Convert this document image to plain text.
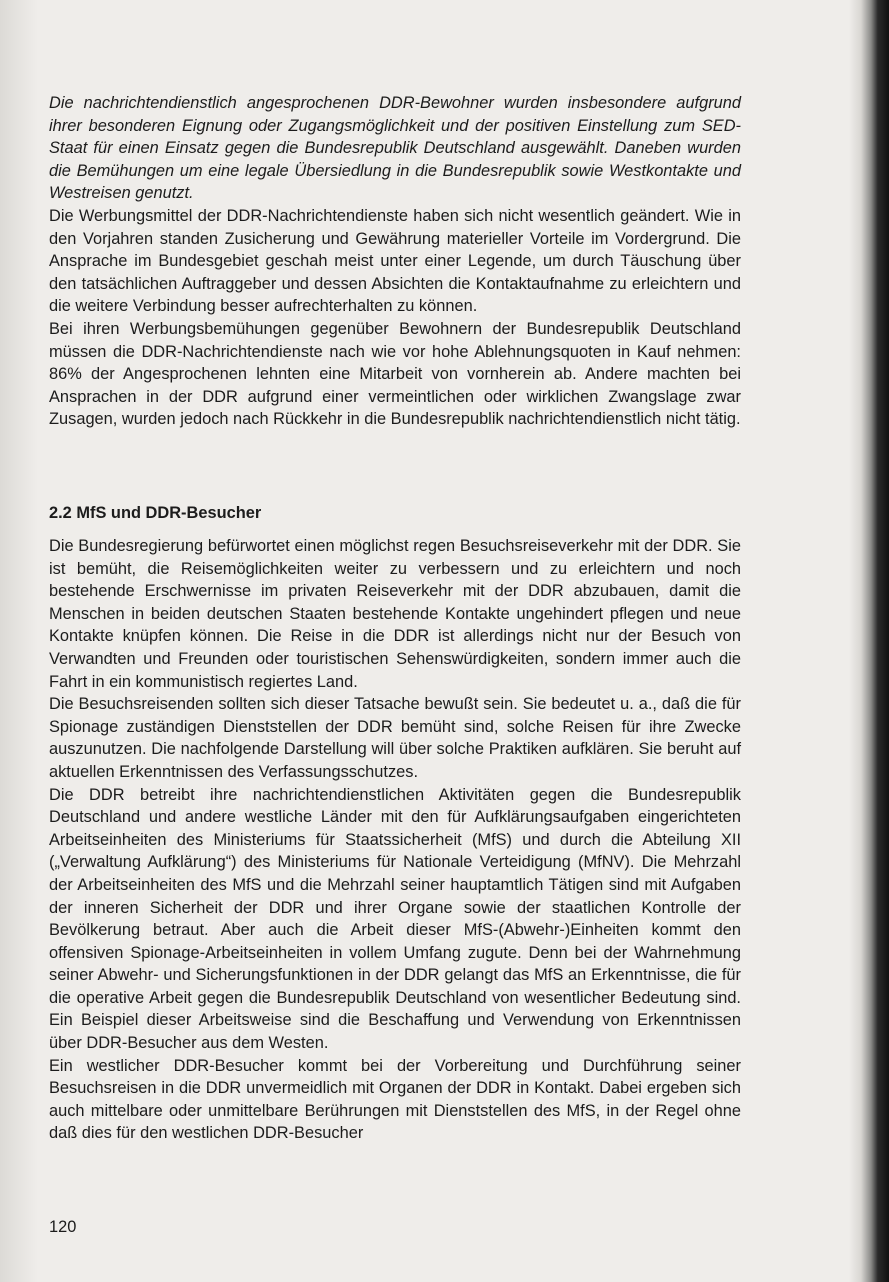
Die nachrichtendienstlich angesprochenen DDR-Bewohner wurden insbesondere aufgrund ihrer besonderen Eignung oder Zugangsmöglichkeit und der positiven Einstellung zum SED-Staat für einen Einsatz gegen die Bundesrepublik Deutschland ausgewählt. Daneben wurden die Bemühungen um eine legale Übersiedlung in die Bundesrepublik sowie Westkontakte und Westreisen genutzt.

Die Werbungsmittel der DDR-Nachrichtendienste haben sich nicht wesentlich geändert. Wie in den Vorjahren standen Zusicherung und Gewährung materieller Vorteile im Vordergrund. Die Ansprache im Bundesgebiet geschah meist unter einer Legende, um durch Täuschung über den tatsächlichen Auftraggeber und dessen Absichten die Kontaktaufnahme zu erleichtern und die weitere Verbindung besser aufrechterhalten zu können.

Bei ihren Werbungsbemühungen gegenüber Bewohnern der Bundesrepublik Deutschland müssen die DDR-Nachrichtendienste nach wie vor hohe Ablehnungsquoten in Kauf nehmen: 86% der Angesprochenen lehnten eine Mitarbeit von vornherein ab. Andere machten bei Ansprachen in der DDR aufgrund einer vermeintlichen oder wirklichen Zwangslage zwar Zusagen, wurden jedoch nach Rückkehr in die Bundesrepublik nachrichtendienstlich nicht tätig.

2.2 MfS und DDR-Besucher

Die Bundesregierung befürwortet einen möglichst regen Besuchsreiseverkehr mit der DDR. Sie ist bemüht, die Reisemöglichkeiten weiter zu verbessern und zu erleichtern und noch bestehende Erschwernisse im privaten Reiseverkehr mit der DDR abzubauen, damit die Menschen in beiden deutschen Staaten bestehende Kontakte ungehindert pflegen und neue Kontakte knüpfen können. Die Reise in die DDR ist allerdings nicht nur der Besuch von Verwandten und Freunden oder touristischen Sehenswürdigkeiten, sondern immer auch die Fahrt in ein kommunistisch regiertes Land.

Die Besuchsreisenden sollten sich dieser Tatsache bewußt sein. Sie bedeutet u. a., daß die für Spionage zuständigen Dienststellen der DDR bemüht sind, solche Reisen für ihre Zwecke auszunutzen. Die nachfolgende Darstellung will über solche Praktiken aufklären. Sie beruht auf aktuellen Erkenntnissen des Verfassungsschutzes.

Die DDR betreibt ihre nachrichtendienstlichen Aktivitäten gegen die Bundesrepublik Deutschland und andere westliche Länder mit den für Aufklärungsaufgaben eingerichteten Arbeitseinheiten des Ministeriums für Staatssicherheit (MfS) und durch die Abteilung XII („Verwaltung Aufklärung“) des Ministeriums für Nationale Verteidigung (MfNV). Die Mehrzahl der Arbeitseinheiten des MfS und die Mehrzahl seiner hauptamtlich Tätigen sind mit Aufgaben der inneren Sicherheit der DDR und ihrer Organe sowie der staatlichen Kontrolle der Bevölkerung betraut. Aber auch die Arbeit dieser MfS-(Abwehr-)Einheiten kommt den offensiven Spionage-Arbeitseinheiten in vollem Umfang zugute. Denn bei der Wahrnehmung seiner Abwehr- und Sicherungsfunktionen in der DDR gelangt das MfS an Erkenntnisse, die für die operative Arbeit gegen die Bundesrepublik Deutschland von wesentlicher Bedeutung sind. Ein Beispiel dieser Arbeitsweise sind die Beschaffung und Verwendung von Erkenntnissen über DDR-Besucher aus dem Westen.

Ein westlicher DDR-Besucher kommt bei der Vorbereitung und Durchführung seiner Besuchsreisen in die DDR unvermeidlich mit Organen der DDR in Kontakt. Dabei ergeben sich auch mittelbare oder unmittelbare Berührungen mit Dienststellen des MfS, in der Regel ohne daß dies für den westlichen DDR-Besucher

120
